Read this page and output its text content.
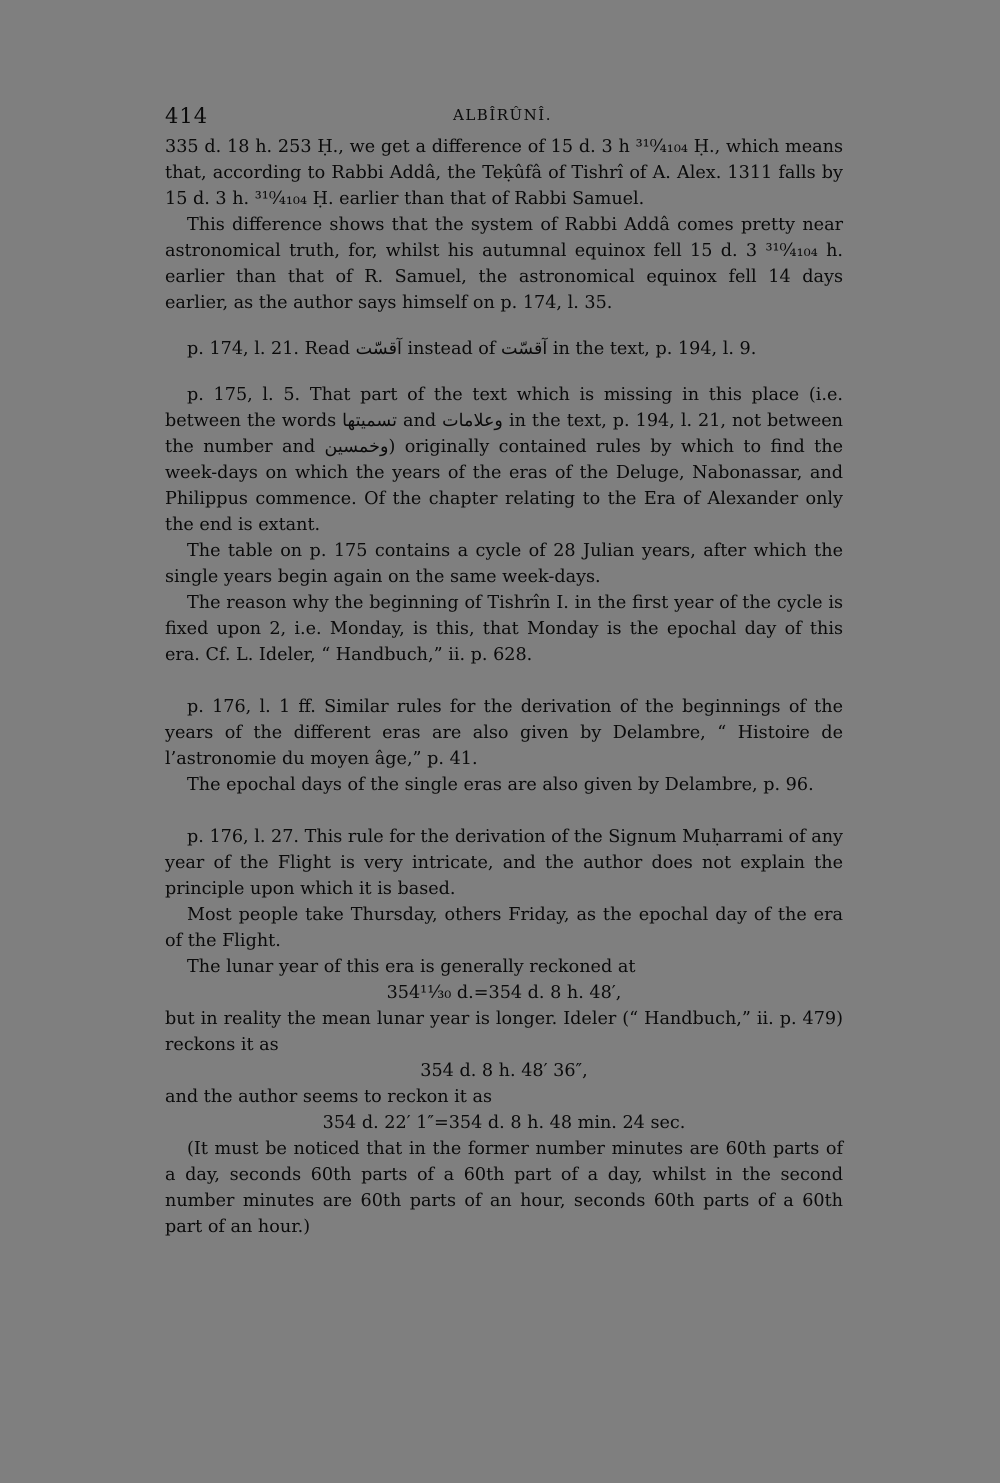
414	ALBÎRÛNÎ.

335 d. 18 h. 253 Ḥ., we get a difference of 15 d. 3 h ³¹⁰⁄₄₁₀₄ Ḥ., which means that, according to Rabbi Addâ, the Teḳûfâ of Tishrî of A. Alex. 1311 falls by 15 d. 3 h. ³¹⁰⁄₄₁₀₄ Ḥ. earlier than that of Rabbi Samuel.

This difference shows that the system of Rabbi Addâ comes pretty near astronomical truth, for, whilst his autumnal equinox fell 15 d. 3 ³¹⁰⁄₄₁₀₄ h. earlier than that of R. Samuel, the astronomical equinox fell 14 days earlier, as the author says himself on p. 174, l. 35.

p. 174, l. 21. Read آقسّت instead of آقسّت in the text, p. 194, l. 9.

p. 175, l. 5. That part of the text which is missing in this place (i.e. between the words تسميتها and وعلامات in the text, p. 194, l. 21, not between the number and وخمسين) originally contained rules by which to find the week-days on which the years of the eras of the Deluge, Nabonassar, and Philippus commence. Of the chapter relating to the Era of Alexander only the end is extant.

The table on p. 175 contains a cycle of 28 Julian years, after which the single years begin again on the same week-days.

The reason why the beginning of Tishrîn I. in the first year of the cycle is fixed upon 2, i.e. Monday, is this, that Monday is the epochal day of this era. Cf. L. Ideler, “ Handbuch,” ii. p. 628.

p. 176, l. 1 ff. Similar rules for the derivation of the beginnings of the years of the different eras are also given by Delambre, “ Histoire de l’astronomie du moyen âge,” p. 41.

The epochal days of the single eras are also given by Delambre, p. 96.

p. 176, l. 27. This rule for the derivation of the Signum Muḥarrami of any year of the Flight is very intricate, and the author does not explain the principle upon which it is based.

Most people take Thursday, others Friday, as the epochal day of the era of the Flight.

The lunar year of this era is generally reckoned at

354¹¹⁄₃₀ d.=354 d. 8 h. 48′,

but in reality the mean lunar year is longer. Ideler (“ Handbuch,” ii. p. 479) reckons it as

354 d. 8 h. 48′ 36″,

and the author seems to reckon it as

354 d. 22′ 1″=354 d. 8 h. 48 min. 24 sec.

(It must be noticed that in the former number minutes are 60th parts of a day, seconds 60th parts of a 60th part of a day, whilst in the second number minutes are 60th parts of an hour, seconds 60th parts of a 60th part of an hour.)
